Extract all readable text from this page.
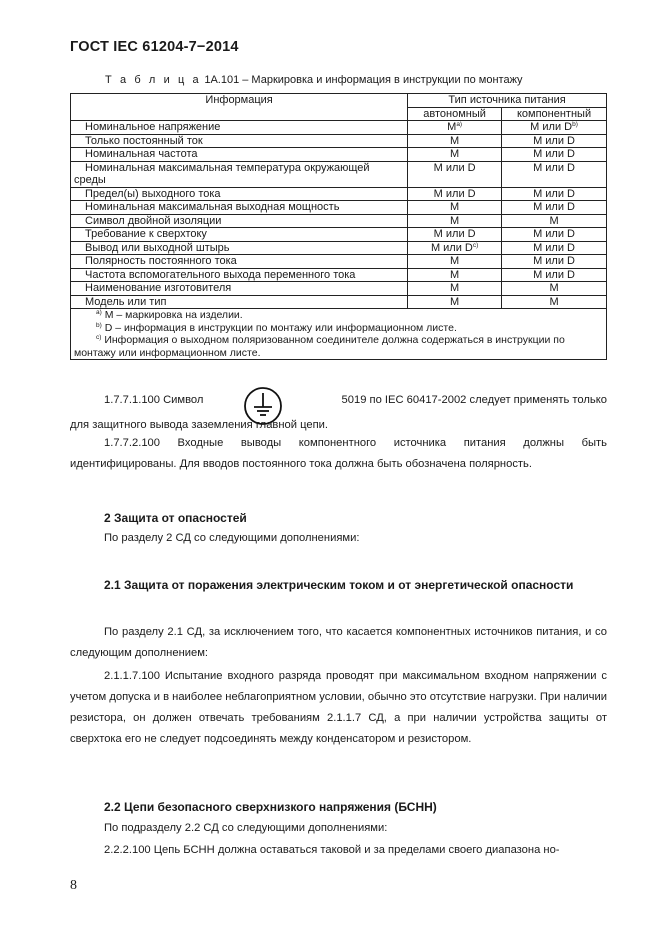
ГОСТ IEC 61204-7−2014
Т а б л и ц а 1А.101 – Маркировка и информация в инструкции по монтажу
Информация	Тип источника питания	
	автономный	компонентный
Номинальное напряжение	$M^{a)}$	M или $D^{b)}$
Только постоянный ток	M	M или D
Номинальная частота	M	M или D
Номинальная максимальная температура окружающей
среды	M или D	M или D
Предел(ы) выходного тока	M или D	M или D
Номинальная максимальная выходная мощность	M	M или D
Символ двойной изоляции	M	M
Требование к сверхтоку	M или D	M или D
Вывод или выходной штырь	M или $D^{c)}$	M или D
Полярность постоянного тока	M	M или D
Частота вспомогательного выхода переменного тока	M	M или D
Наименование изготовителя	M	M
Модель или тип	M	M

$^{a)}$ M – маркировка на изделии.
$^{b)}$ D – информация в инструкции по монтажу или информационном листе.
$^{c)}$ Информация о выходном поляризованном соединителе должна содержаться в инструкции по
монтажу или информационном листе.		
1.7.7.1.100 Символ	5019 по IEC 60417-2002 следует применять только
для защитного вывода заземления главной цепи.
1.7.7.2.100 Входные выводы компонентного источника питания должны быть идентифицированы. Для вводов постоянного тока должна быть обозначена полярность.
2 Защита от опасностей
По разделу 2 СД со следующими дополнениями:
2.1 Защита от поражения электрическим током и от энергетической опасности
По разделу 2.1 СД, за исключением того, что касается компонентных источников питания, и со следующим дополнением:
2.1.1.7.100 Испытание входного разряда проводят при максимальном входном напряжении с учетом допуска и в наиболее неблагоприятном условии, обычно это отсутствие нагрузки. При наличии резистора, он должен отвечать требованиям 2.1.1.7 СД, а при наличии устройства защиты от сверхтока его не следует подсоединять между конденсатором и резистором.
2.2 Цепи безопасного сверхнизкого напряжения (БСНН)
По подразделу 2.2 СД со следующими дополнениями:
2.2.2.100 Цепь БСНН должна оставаться таковой и за пределами своего диапазона но-
8
